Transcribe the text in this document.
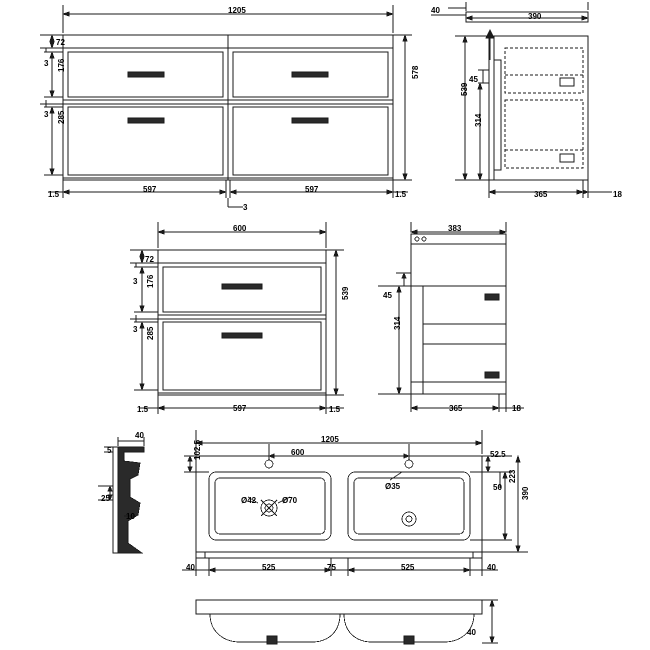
1205
72
3 176
3 285
578
1.5
597	597
1.5
3
40
390
45
539
314
365	18
600
72
3 176
3 285
539
1.5	597	1.5
383
45
314
365	18
40
5
25
10
1205
600
102.5	52.5
50
223
390
40	525	75	525	40
Ø42	Ø70
Ø35
40
